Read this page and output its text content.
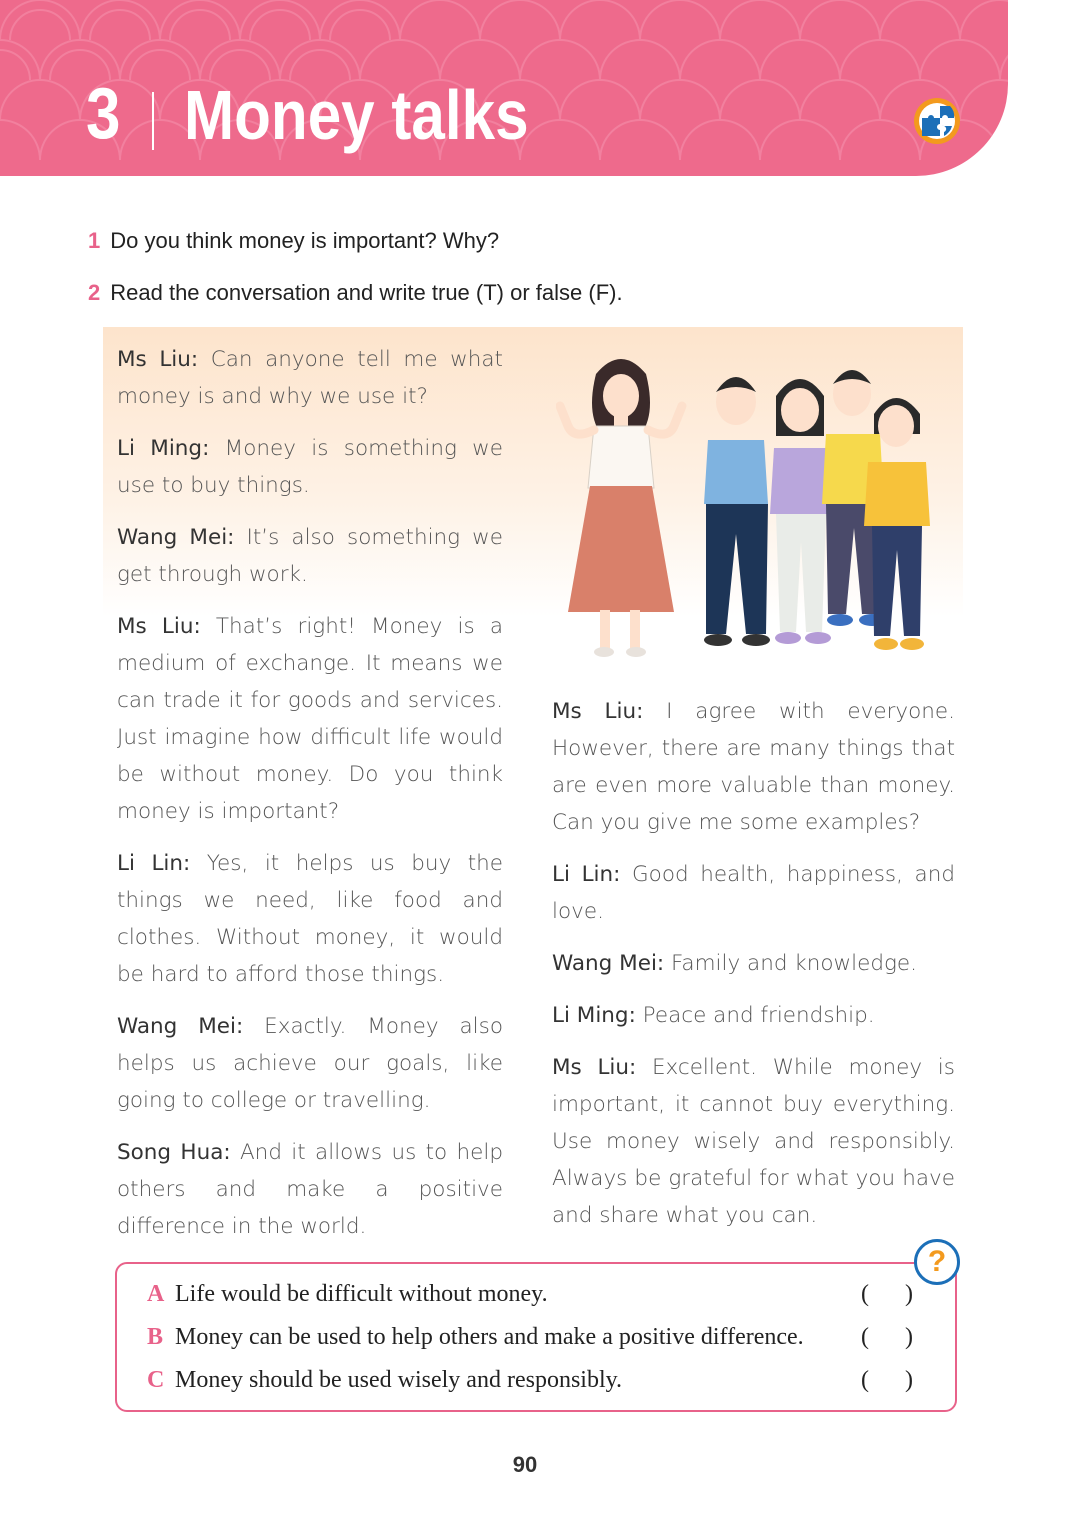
3 Money talks
1 Do you think money is important? Why?
2 Read the conversation and write true (T) or false (F).

Ms Liu: Can anyone tell me what money is and why we use it?

Li Ming: Money is something we use to buy things.

Wang Mei: It’s also something we get through work.

Ms Liu: That’s right! Money is a medium of exchange. It means we can trade it for goods and services. Just imagine how difficult life would be without money. Do you think money is important?

Li Lin: Yes, it helps us buy the things we need, like food and clothes. Without money, it would be hard to afford those things.

Wang Mei: Exactly. Money also helps us achieve our goals, like going to college or travelling.

Song Hua: And it allows us to help others and make a positive difference in the world.

Ms Liu: I agree with everyone. However, there are many things that are even more valuable than money. Can you give me some examples?

Li Lin: Good health, happiness, and love.

Wang Mei: Family and knowledge.

Li Ming: Peace and friendship.

Ms Liu: Excellent. While money is important, it cannot buy everything. Use money wisely and responsibly. Always be grateful for what you have and share what you can.

?
A Life would be difficult without money.	(      )
B Money can be used to help others and make a positive difference. (      )
C Money should be used wisely and responsibly.	(      )
90
